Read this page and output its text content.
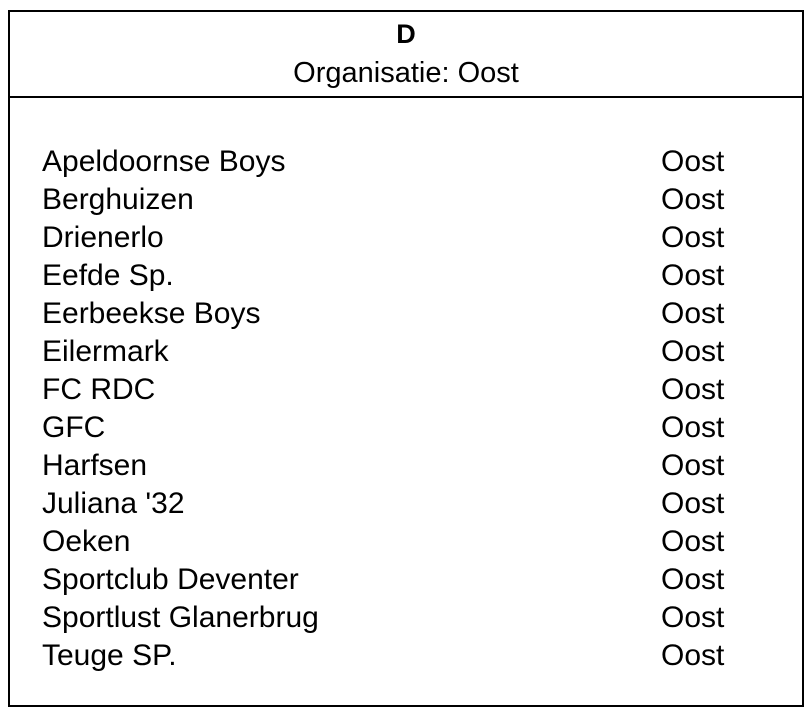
D
Organisatie: Oost
Apeldoornse Boys	Oost
Berghuizen	Oost
Drienerlo	Oost
Eefde Sp.	Oost
Eerbeekse Boys	Oost
Eilermark	Oost
FC RDC	Oost
GFC	Oost
Harfsen	Oost
Juliana '32	Oost
Oeken	Oost
Sportclub Deventer	Oost
Sportlust Glanerbrug	Oost
Teuge SP.	Oost
